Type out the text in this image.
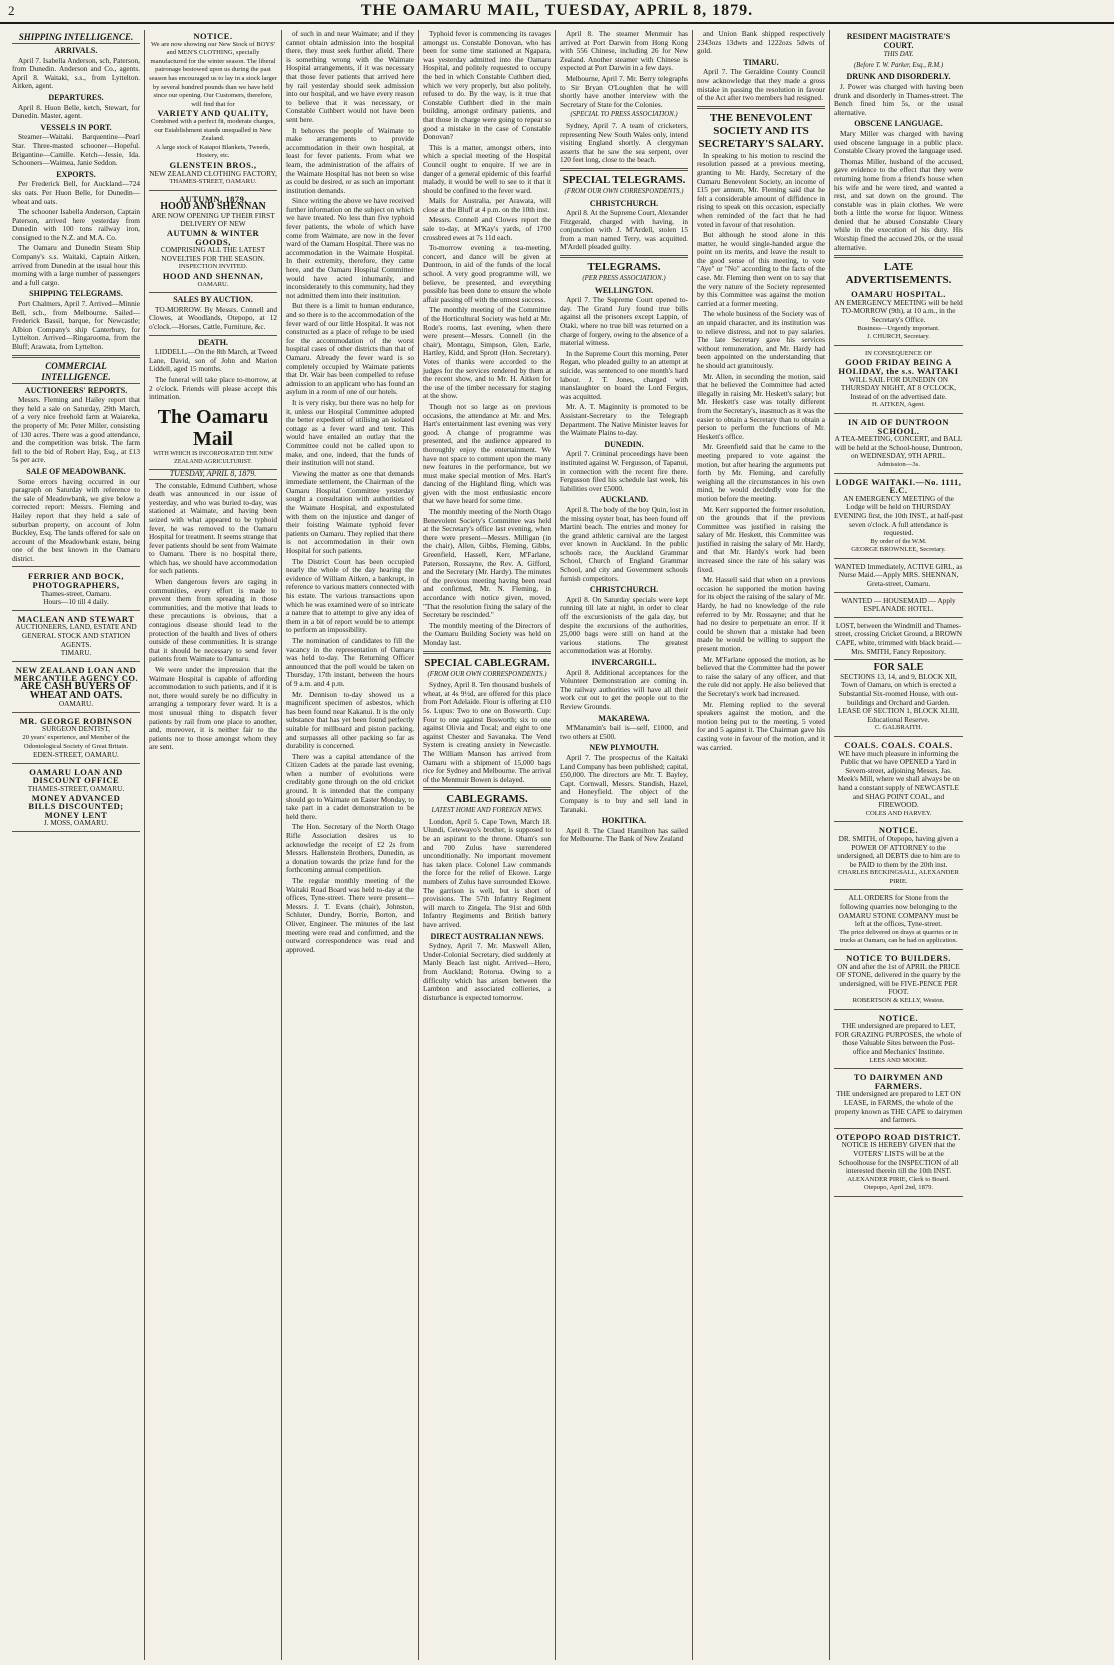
2	THE OAMARU MAIL, TUESDAY, APRIL 8, 1879.
SHIPPING INTELLIGENCE.
ARRIVALS.

April 7. Isabella Anderson, sch, Paterson, from Dunedin. Anderson and Co., agents. April 8. Waitaki, s.s., from Lyttelton. Aitken, agent.

DEPARTURES.

April 8. Huon Belle, ketch, Stewart, for Dunedin. Master, agent.

VESSELS IN PORT.

Steamer—Waitaki. Barquentine—Pearl Star. Three-masted schooner—Hopeful. Brigantine—Camille. Ketch—Jessie, Ida. Schooners—Waimea, Janie Seddon.

EXPORTS.

Per Frederick Bell, for Auckland—724 sks oats. Per Huon Belle, for Dunedin—wheat and oats.

The schooner Isabella Anderson, Captain Paterson, arrived here yesterday from Dunedin with 100 tons railway iron, consigned to the N.Z. and M.A. Co.

The Oamaru and Dunedin Steam Ship Company's s.s. Waitaki, Captain Aitken, arrived from Dunedin at the usual hour this morning with a large number of passengers and a full cargo.

SHIPPING TELEGRAMS.

Port Chalmers, April 7. Arrived—Minnie Bell, sch., from Melbourne. Sailed—Frederick Bassil, barque, for Newcastle; Albion Company's ship Canterbury, for Lyttelton. Arrived—Ringarooma, from the Bluff; Arawata, from Lyttelton.

COMMERCIAL INTELLIGENCE.
AUCTIONEERS' REPORTS.

Messrs. Fleming and Hailey report that they held a sale on Saturday, 29th March, of a very nice freehold farm at Waiareka, the property of Mr. Peter Miller, consisting of 130 acres. There was a good attendance, and the competition was brisk. The farm fell to the bid of Robert Hay, Esq., at £13 5s per acre.

SALE OF MEADOWBANK.

Some errors having occurred in our paragraph on Saturday with reference to the sale of Meadowbank, we give below a corrected report: Messrs. Fleming and Hailey report that they held a sale of suburban property, on account of John Buckley, Esq. The lands offered for sale on account of the Meadowbank estate, being one of the best known in the Oamaru district.

FERRIER AND BOCK,
PHOTOGRAPHERS,
Thames-street, Oamaru.
Hours—10 till 4 daily.
MACLEAN AND STEWART
AUCTIONEERS, LAND, ESTATE AND GENERAL STOCK AND STATION AGENTS.
TIMARU.
NEW ZEALAND LOAN AND MERCANTILE AGENCY CO.
ARE CASH BUYERS OF WHEAT AND OATS.
OAMARU.
MR. GEORGE ROBINSON
SURGEON DENTIST,
20 years' experience, and Member of the Odontological Society of Great Britain.
EDEN-STREET, OAMARU.
OAMARU LOAN AND DISCOUNT OFFICE
THAMES-STREET, OAMARU.
MONEY ADVANCED
BILLS DISCOUNTED;
MONEY LENT
J. MOSS, OAMARU.
NOTICE.
We are now showing our New Stock of BOYS' and MEN'S CLOTHING, specially manufactured for the winter season. The liberal patronage bestowed upon us during the past season has encouraged us to lay in a stock larger by several hundred pounds than we have held since our opening. Our Customers, therefore, will find that for
VARIETY AND QUALITY,
Combined with a perfect fit, moderate charges, our Establishment stands unequalled in New Zealand.
A large stock of Kaiapoi Blankets, Tweeds, Hosiery, etc.
GLENSTEIN BROS.,
NEW ZEALAND CLOTHING FACTORY,
THAMES-STREET, OAMARU.
AUTUMN, 1879.
HOOD AND SHENNAN
ARE NOW OPENING UP THEIR FIRST DELIVERY OF NEW
AUTUMN & WINTER GOODS,
COMPRISING ALL THE LATEST NOVELTIES FOR THE SEASON.
INSPECTION INVITED.
HOOD AND SHENNAN,
OAMARU.
SALES BY AUCTION.

TO-MORROW. By Messrs. Connell and Clowes, at Woodlands, Otepopo, at 12 o'clock.—Horses, Cattle, Furniture, &c.

DEATH.

LIDDELL.—On the 8th March, at Tweed Lane, David, son of John and Marion Liddell, aged 15 months.

The funeral will take place to-morrow, at 2 o'clock. Friends will please accept this intimation.

The Oamaru Mail
WITH WHICH IS INCORPORATED THE NEW ZEALAND AGRICULTURIST.
TUESDAY, APRIL 8, 1879.

The constable, Edmund Cuthbert, whose death was announced in our issue of yesterday, and who was buried to-day, was stationed at Waimate, and having been seized with what appeared to be typhoid fever, he was removed to the Oamaru Hospital for treatment. It seems strange that fever patients should be sent from Waimate to Oamaru. There is no hospital there, which has, we should have accommodation for such patients.

When dangerous fevers are raging in communities, every effort is made to prevent them from spreading in those communities, and the motive that leads to these precautions is obvious, that a contagious disease should lead to the protection of the health and lives of others outside of these communities. It is strange that it should be necessary to send fever patients from Waimate to Oamaru.

We were under the impression that the Waimate Hospital is capable of affording accommodation to such patients, and if it is not, there would surely be no difficulty in arranging a temporary fever ward. It is a most unusual thing to dispatch fever patients by rail from one place to another, and, moreover, it is neither fair to the patients nor to those amongst whom they are sent.

of such in and near Waimate; and if they cannot obtain admission into the hospital there, they must seek further afield. There is something wrong with the Waimate Hospital arrangements, if it was necessary that those fever patients that arrived here by rail yesterday should seek admission into our hospital, and we have every reason to believe that it was necessary, or Constable Cuthbert would not have been sent here.

It behoves the people of Waimate to make arrangements to provide accommodation in their own hospital, at least for fever patients. From what we learn, the administration of the affairs of the Waimate Hospital has not been so wise as could be desired, or as such an important institution demands.

Since writing the above we have received further information on the subject on which we have treated. No less than five typhoid fever patients, the whole of which have come from Waimate, are now in the fever ward of the Oamaru Hospital. There was no accommodation in the Waimate Hospital. In their extremity, therefore, they came here, and the Oamaru Hospital Committee would have acted inhumanly, and inconsiderately to this community, had they not admitted them into their institution.

But there is a limit to human endurance, and so there is to the accommodation of the fever ward of our little Hospital. It was not constructed as a place of refuge to be used for the accommodation of the worst hospital cases of other districts than that of Oamaru. Already the fever ward is so completely occupied by Waimate patients that Dr. Wair has been compelled to refuse admission to an applicant who has found an asylum in a room of one of our hotels.

It is very risky, but there was no help for it, unless our Hospital Committee adopted the better expedient of utilising an isolated cottage as a fever ward and tent. This would have entailed an outlay that the Committee could not be called upon to make, and one, indeed, that the funds of their institution will not stand.

Viewing the matter as one that demands immediate settlement, the Chairman of the Oamaru Hospital Committee yesterday sought a consultation with authorities of the Waimate Hospital, and expostulated with them on the injustice and danger of their foisting Waimate typhoid fever patients on Oamaru. They replied that there is not accommodation in their own Hospital for such patients.

The District Court has been occupied nearly the whole of the day hearing the evidence of William Aitken, a bankrupt, in reference to various matters connected with his estate. The various transactions upon which he was examined were of so intricate a nature that to attempt to give any idea of them in a bit of report would be to attempt to perform an impossibility.

The nomination of candidates to fill the vacancy in the representation of Oamaru was held to-day. The Returning Officer announced that the poll would be taken on Thursday, 17th instant, between the hours of 9 a.m. and 4 p.m.

Mr. Dennison to-day showed us a magnificent specimen of asbestos, which has been found near Kakanui. It is the only substance that has yet been found perfectly suitable for millboard and piston packing, and surpasses all other packing so far as durability is concerned.

There was a capital attendance of the Citizen Cadets at the parade last evening, when a number of evolutions were creditably gone through on the old cricket ground. It is intended that the company should go to Waimate on Easter Monday, to take part in a cadet demonstration to be held there.

The Hon. Secretary of the North Otago Rifle Association desires us to acknowledge the receipt of £2 2s from Messrs. Hallenstein Brothers, Dunedin, as a donation towards the prize fund for the forthcoming annual competition.

The regular monthly meeting of the Waitaki Road Board was held to-day at the offices, Tyne-street. There were present—Messrs. J. T. Evans (chair), Johnston, Schluter, Dundry, Borrie, Borton, and Oliver, Engineer. The minutes of the last meeting were read and confirmed, and the outward correspondence was read and approved.

Typhoid fever is commencing its ravages amongst us. Constable Donovan, who has been for some time stationed at Ngapara, was yesterday admitted into the Oamaru Hospital, and politely requested to occupy the bed in which Constable Cuthbert died, which we very properly, but also politely, refused to do. By the way, is it true that Constable Cuthbert died in the main building, amongst ordinary patients, and that those in charge were going to repeat so good a mistake in the case of Constable Donovan?

This is a matter, amongst others, into which a special meeting of the Hospital Council ought to enquire. If we are in danger of a general epidemic of this fearful malady, it would be well to see to it that it should be confined to the fever ward.

Mails for Australia, per Arawata, will close at the Bluff at 4 p.m. on the 10th inst.

Messrs. Connell and Clowes report the sale to-day, at M'Kay's yards, of 1700 crossbred ewes at 7s 11d each.

To-morrow evening a tea-meeting, concert, and dance will be given at Duntroon, in aid of the funds of the local school. A very good programme will, we believe, be presented, and everything possible has been done to ensure the whole affair passing off with the utmost success.

The monthly meeting of the Committee of the Horticultural Society was held at Mr. Rode's rooms, last evening, when there were present—Messrs. Connell (in the chair), Montagu, Simpson, Glen, Earle, Hartley, Kidd, and Sprott (Hon. Secretary). Votes of thanks were accorded to the judges for the services rendered by them at the recent show, and to Mr. H. Aitken for the use of the timber necessary for staging at the show.

Though not so large as on previous occasions, the attendance at Mr. and Mrs. Hart's entertainment last evening was very good. A change of programme was presented, and the audience appeared to thoroughly enjoy the entertainment. We have not space to comment upon the many new features in the performance, but we must make special mention of Mrs. Hart's dancing of the Highland fling, which was given with the most enthusiastic encore that we have heard for some time.

The monthly meeting of the North Otago Benevolent Society's Committee was held at the Secretary's office last evening, when there were present—Messrs. Milligan (in the chair), Allen, Gibbs, Fleming, Gibbs, Greenfield, Hassell, Kerr, M'Farlane, Paterson, Rossayne, the Rev. A. Gifford, and the Secretary (Mr. Hardy). The minutes of the previous meeting having been read and confirmed, Mr. N. Fleming, in accordance with notice given, moved, "That the resolution fixing the salary of the Secretary be rescinded."

The monthly meeting of the Directors of the Oamaru Building Society was held on Monday last.

SPECIAL CABLEGRAM.
(FROM OUR OWN CORRESPONDENTS.)

Sydney, April 8. Ten thousand bushels of wheat, at 4s 9½d, are offered for this place from Port Adelaide. Flour is offering at £10 5s. Lupus: Two to one on Bosworth. Cup: Four to one against Bosworth; six to one against Olivia and Tocal; and eight to one against Chester and Savanaka. The Vend System is creating anxiety in Newcastle. The William Manson has arrived from Oamaru with a shipment of 15,000 bags rice for Sydney and Melbourne. The arrival of the Menmuir Bowen is delayed.

CABLEGRAMS.
LATEST HOME AND FOREIGN NEWS.

London, April 5. Cape Town, March 18. Ulundi, Cetewayo's brother, is supposed to be an aspirant to the throne. Oham's son and 700 Zulus have surrendered unconditionally. No important movement has taken place. Colonel Law commands the force for the relief of Ekowe. Large numbers of Zulus have surrounded Ekowe. The garrison is well, but is short of provisions. The 57th Infantry Regiment will march to Zingela. The 91st and 60th Infantry Regiments and British battery have arrived.

DIRECT AUSTRALIAN NEWS.

Sydney, April 7. Mr. Maxwell Allen, Under-Colonial Secretary, died suddenly at Manly Beach last night. Arrived—Hero, from Auckland; Rotorua. Owing to a difficulty which has arisen between the Lambton and associated collieries, a disturbance is expected tomorrow.

April 8. The steamer Menmuir has arrived at Port Darwin from Hong Kong with 556 Chinese, including 26 for New Zealand. Another steamer with Chinese is expected at Port Darwin in a few days.

Melbourne, April 7. Mr. Berry telegraphs to Sir Bryan O'Loughlen that he will shortly have another interview with the Secretary of State for the Colonies.

(SPECIAL TO PRESS ASSOCIATION.)

Sydney, April 7. A team of cricketers, representing New South Wales only, intend visiting England shortly. A clergyman asserts that he saw the sea serpent, over 120 feet long, close to the beach.

SPECIAL TELEGRAMS.
(FROM OUR OWN CORRESPONDENTS.)
CHRISTCHURCH.

April 8. At the Supreme Court, Alexander Fitzgerald, charged with having, in conjunction with J. M'Ardell, stolen 15 from a man named Terry, was acquitted. M'Ardell pleaded guilty.

TELEGRAMS.
(PER PRESS ASSOCIATION.)
WELLINGTON.

April 7. The Supreme Court opened to-day. The Grand Jury found true bills against all the prisoners except Lappin, of Otaki, where no true bill was returned on a charge of forgery, owing to the absence of a material witness.

In the Supreme Court this morning, Peter Regan, who pleaded guilty to an attempt at suicide, was sentenced to one month's hard labour. J. T. Jones, charged with manslaughter on board the Lord Fergus, was acquitted.

Mr. A. T. Maginnity is promoted to be Assistant-Secretary to the Telegraph Department. The Native Minister leaves for the Waimate Plains to-day.

DUNEDIN.

April 7. Criminal proceedings have been instituted against W. Fergusson, of Tapanui, in connection with the recent fire there. Fergusson filed his schedule last week, his liabilities over £5000.

AUCKLAND.

April 8. The body of the boy Quin, lost in the missing oyster boat, has been found off Martini beach. The entries and money for the grand athletic carnival are the largest ever known in Auckland. In the public schools race, the Auckland Grammar School, Church of England Grammar School, and city and Government schools furnish competitors.

CHRISTCHURCH.

April 8. On Saturday specials were kept running till late at night, in order to clear off the excursionists of the gala day, but despite the excursions of the authorities, 25,000 bags were still on hand at the various stations. The greatest accommodation was at Hornby.

INVERCARGILL.

April 8. Additional acceptances for the Volunteer Demonstration are coming in. The railway authorities will have all their work cut out to get the people out to the Review Grounds.

MAKAREWA.

M'Manamin's bail is—self, £1000, and two others at £500.

NEW PLYMOUTH.

April 7. The prospectus of the Kaitaki Land Company has been published; capital, £50,000. The directors are Mr. T. Bayley, Capt. Cornwall, Messrs. Standish, Hazel, and Honeyfield. The object of the Company is to buy and sell land in Taranaki.

HOKITIKA.

April 8. The Claud Hamilton has sailed for Melbourne. The Bank of New Zealand

and Union Bank shipped respectively 2343ozs 13dwts and 1222ozs 5dwts of gold.

TIMARU.

April 7. The Geraldine County Council now acknowledge that they made a gross mistake in passing the resolution in favour of the Act after two members had resigned.

THE BENEVOLENT SOCIETY AND ITS SECRETARY'S SALARY.

In speaking to his motion to rescind the resolution passed at a previous meeting, granting to Mr. Hardy, Secretary of the Oamaru Benevolent Society, an income of £15 per annum, Mr. Fleming said that he felt a considerable amount of diffidence in rising to speak on this occasion, especially when reminded of the fact that he had voted in favour of that resolution.

But although he stood alone in this matter, he would single-handed argue the point on its merits, and leave the result to the good sense of this meeting, to vote "Aye" or "No" according to the facts of the case. Mr. Fleming then went on to say that the very nature of the Society represented by this Committee was against the motion carried at a former meeting.

The whole business of the Society was of an unpaid character, and its institution was to relieve distress, and not to pay salaries. The late Secretary gave his services without remuneration, and Mr. Hardy had been appointed on the understanding that he should act gratuitously.

Mr. Allen, in seconding the motion, said that he believed the Committee had acted illegally in raising Mr. Heskett's salary; but Mr. Heskett's case was totally different from the Secretary's, inasmuch as it was the easier to obtain a Secretary than to obtain a person to perform the functions of Mr. Heskett's office.

Mr. Greenfield said that he came to the meeting prepared to vote against the motion, but after hearing the arguments put forth by Mr. Fleming, and carefully weighing all the circumstances in his own mind, he would decidedly vote for the motion before the meeting.

Mr. Kerr supported the former resolution, on the grounds that if the previous Committee was justified in raising the salary of Mr. Heskett, this Committee was justified in raising the salary of Mr. Hardy, and that Mr. Hardy's work had been increased since the rate of his salary was fixed.

Mr. Hassell said that when on a previous occasion he supported the motion having for its object the raising of the salary of Mr. Hardy, he had no knowledge of the rule referred to by Mr. Rossayne; and that he had no desire to perpetuate an error. If it could be shown that a mistake had been made he would be willing to support the present motion.

Mr. M'Farlane opposed the motion, as he believed that the Committee had the power to raise the salary of any officer, and that the rule did not apply. He also believed that the Secretary's work had increased.

Mr. Fleming replied to the several speakers against the motion, and the motion being put to the meeting, 5 voted for and 5 against it. The Chairman gave his casting vote in favour of the motion, and it was carried.

RESIDENT MAGISTRATE'S COURT.
THIS DAY.
(Before T. W. Parker, Esq., R.M.)
DRUNK AND DISORDERLY.

J. Power was charged with having been drunk and disorderly in Thames-street. The Bench fined him 5s, or the usual alternative.

OBSCENE LANGUAGE.

Mary Miller was charged with having used obscene language in a public place. Constable Cleary proved the language used.

Thomas Miller, husband of the accused, gave evidence to the effect that they were returning home from a friend's house when his wife and he were tired, and wanted a rest, and sat down on the ground. The constable was in plain clothes. We were both a little the worse for liquor. Witness denied that he abused Constable Cleary while in the execution of his duty. His Worship fined the accused 20s, or the usual alternative.

LATE ADVERTISEMENTS.
OAMARU HOSPITAL.
AN EMERGENCY MEETING will be held TO-MORROW (9th), at 10 a.m., in the Secretary's Office.
Business—Urgently important.
J. CHURCH, Secretary.
IN CONSEQUENCE OF
GOOD FRIDAY BEING A HOLIDAY, the s.s. WAITAKI
WILL SAIL FOR DUNEDIN ON THURSDAY NIGHT, AT 8 O'CLOCK, Instead of on the advertised date.
H. AITKEN, Agent.
IN AID OF DUNTROON SCHOOL.
A TEA-MEETING, CONCERT, and BALL will be held at the School-house, Duntroon, on WEDNESDAY, 9TH APRIL.
Admission—3s.
LODGE WAITAKI.—No. 1111, E.C.
AN EMERGENCY MEETING of the Lodge will be held on THURSDAY EVENING first, the 10th INST., at half-past seven o'clock. A full attendance is requested.
By order of the W.M.
GEORGE BROWNLEE, Secretary.
WANTED Immediately, ACTIVE GIRL, as Nurse Maid.—Apply MRS. SHENNAN, Greta-street, Oamaru.
WANTED — HOUSEMAID — Apply ESPLANADE HOTEL.
LOST, between the Windmill and Thames-street, crossing Cricket Ground, a BROWN CAPE, white, trimmed with black braid.—Mrs. SMITH, Fancy Repository.
FOR SALE
SECTIONS 13, 14, and 9, BLOCK XII, Town of Oamaru, on which is erected a Substantial Six-roomed House, with out-buildings and Orchard and Garden.
LEASE OF SECTION 1, BLOCK XLIII, Educational Reserve.
C. GALBRAITH.
COALS. COALS. COALS.
WE have much pleasure in informing the Public that we have OPENED a Yard in Severn-street, adjoining Messrs. Jas. Meek's Mill, where we shall always be on hand a constant supply of NEWCASTLE and SHAG POINT COAL, and FIREWOOD.
COLES AND HARVEY.
NOTICE.
DR. SMITH, of Otepopo, having given a POWER OF ATTORNEY to the undersigned, all DEBTS due to him are to be PAID to them by the 20th inst.
CHARLES BECKINGSALL, ALEXANDER PIRIE.
ALL ORDERS for Stone from the following quarries now belonging to the OAMARU STONE COMPANY must be left at the offices, Tyne-street.
The price delivered on drays at quarries or in trucks at Oamaru, can be had on application.
NOTICE TO BUILDERS.
ON and after the 1st of APRIL the PRICE OF STONE, delivered in the quarry by the undersigned, will be FIVE-PENCE PER FOOT.
ROBERTSON & KELLY, Weston.
NOTICE.
THE undersigned are prepared to LET, FOR GRAZING PURPOSES, the whole of those Valuable Sites between the Post-office and Mechanics' Institute.
LEES AND MOORE.
TO DAIRYMEN AND FARMERS.
THE undersigned are prepared to LET ON LEASE, in FARMS, the whole of the property known as THE CAPE to dairymen and farmers.
OTEPOPO ROAD DISTRICT.
NOTICE IS HEREBY GIVEN that the VOTERS' LISTS will be at the Schoolhouse for the INSPECTION of all interested therein till the 10th INST.
ALEXANDER PIRIE, Clerk to Board.
Otepopo, April 2nd, 1879.
